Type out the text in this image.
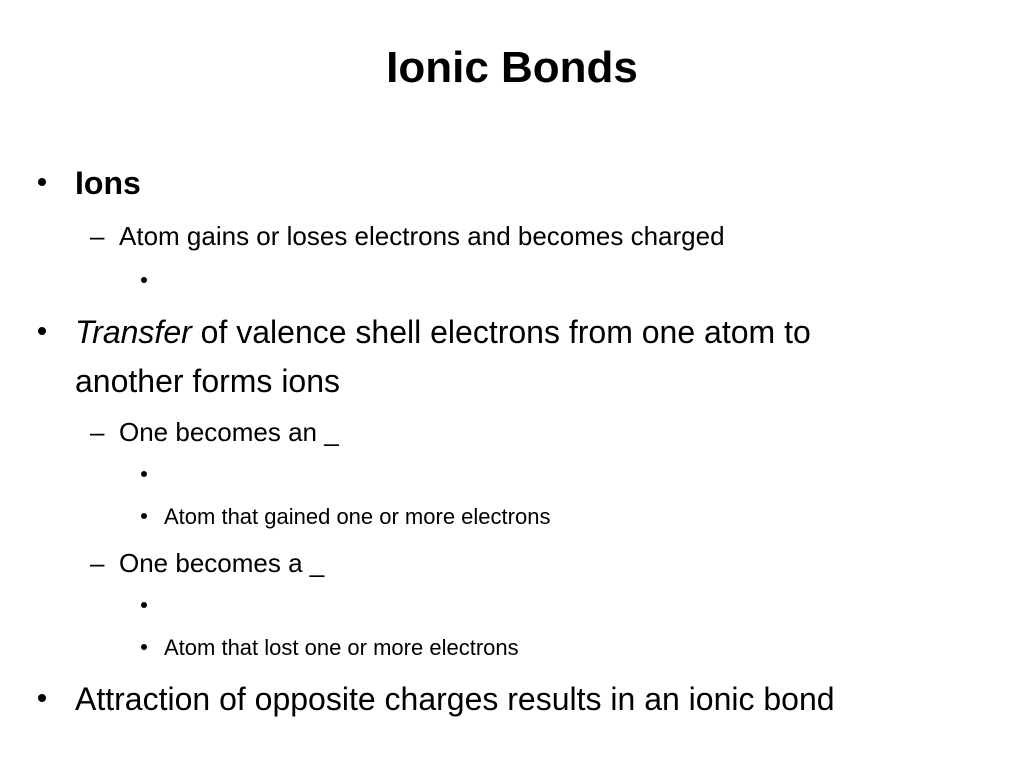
Ionic Bonds
Ions
– Atom gains or loses electrons and becomes charged
Transfer of valence shell electrons from one atom to
another forms ions
– One becomes an _
Atom that gained one or more electrons
– One becomes a _
Atom that lost one or more electrons
Attraction of opposite charges results in an ionic bond
